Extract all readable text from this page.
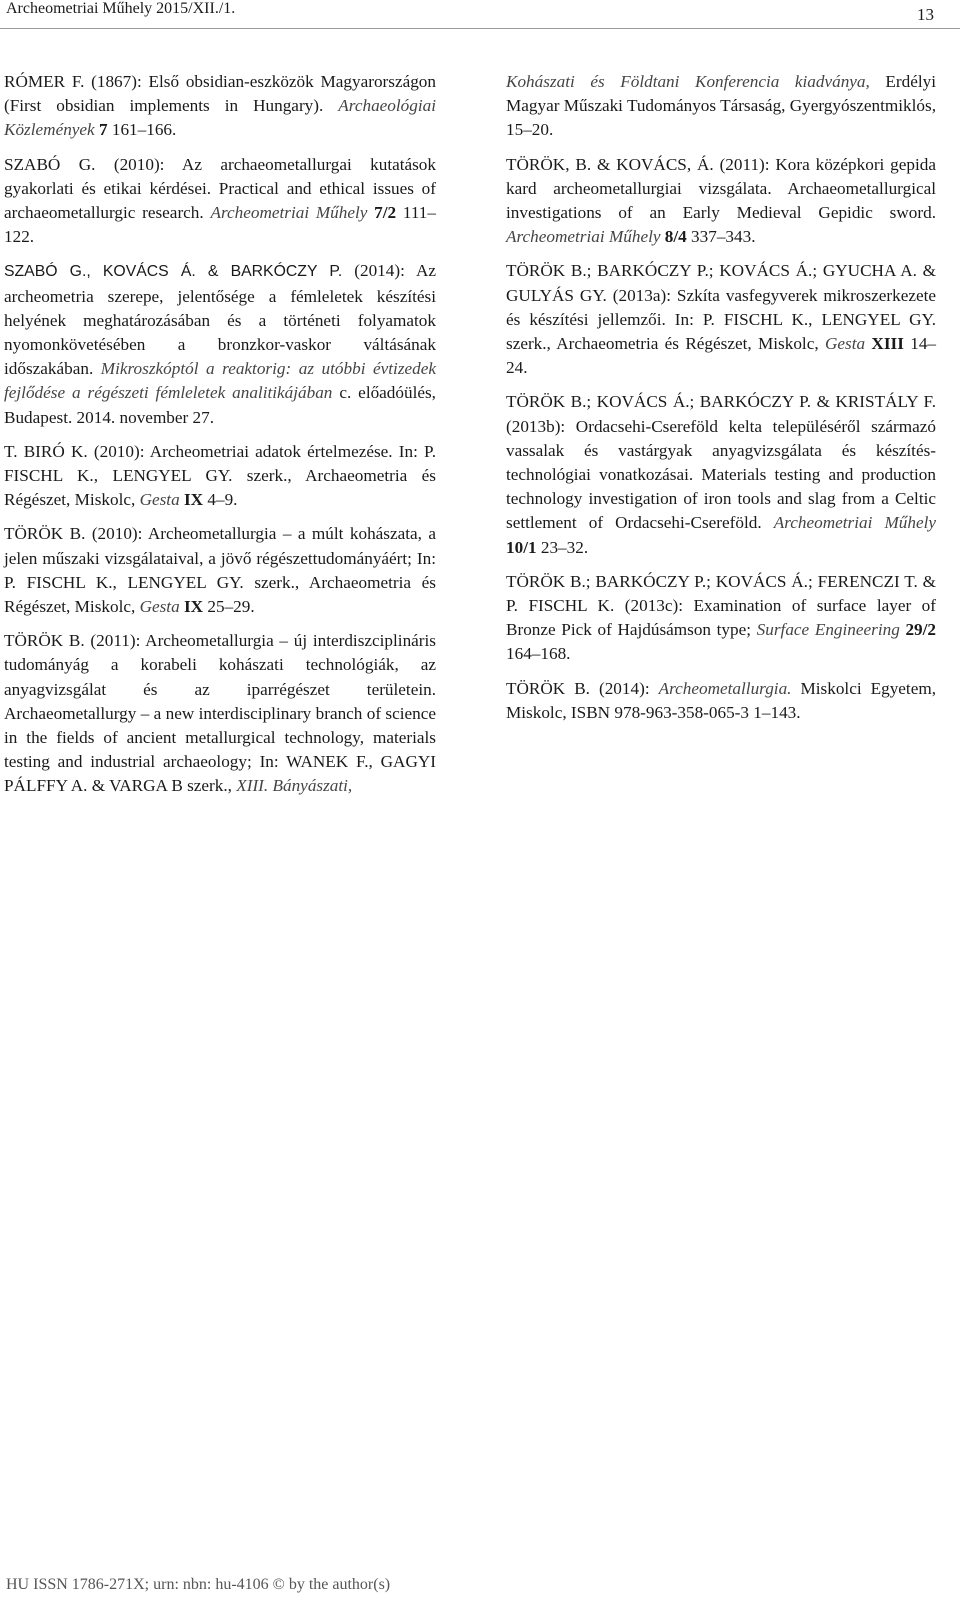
Archeometriai Műhely 2015/XII./1.	13

RÓMER F. (1867): Első obsidian-eszközök Magyarországon (First obsidian implements in Hungary). Archaeológiai Közlemények 7 161–166.

SZABÓ G. (2010): Az archaeometallurgai kutatások gyakorlati és etikai kérdései. Practical and ethical issues of archaeometallurgic research. Archeometriai Műhely 7/2 111–122.

SZABÓ G., KOVÁCS Á. & BARKÓCZY P. (2014): Az archeometria szerepe, jelentősége a fémleletek készítési helyének meghatározásában és a történeti folyamatok nyomonkövetésében a bronzkor-vaskor váltásának időszakában. Mikroszkóptól a reaktorig: az utóbbi évtizedek fejlődése a régészeti fémleletek analitikájában c. előadóülés, Budapest. 2014. november 27.

T. BIRÓ K. (2010): Archeometriai adatok értelmezése. In: P. FISCHL K., LENGYEL GY. szerk., Archaeometria és Régészet, Miskolc, Gesta IX 4–9.

TÖRÖK B. (2010): Archeometallurgia – a múlt kohászata, a jelen műszaki vizsgálataival, a jövő régészettudományáért; In: P. FISCHL K., LENGYEL GY. szerk., Archaeometria és Régészet, Miskolc, Gesta IX 25–29.

TÖRÖK B. (2011): Archeometallurgia – új interdiszciplináris tudományág a korabeli kohászati technológiák, az anyagvizsgálat és az iparrégészet területein. Archaeometallurgy – a new interdisciplinary branch of science in the fields of ancient metallurgical technology, materials testing and industrial archaeology; In: WANEK F., GAGYI PÁLFFY A. & VARGA B szerk., XIII. Bányászati,

Kohászati és Földtani Konferencia kiadványa, Erdélyi Magyar Műszaki Tudományos Társaság, Gyergyószentmiklós, 15–20.

TÖRÖK, B. & KOVÁCS, Á. (2011): Kora középkori gepida kard archeometallurgiai vizsgálata. Archaeometallurgical investigations of an Early Medieval Gepidic sword. Archeometriai Műhely 8/4 337–343.

TÖRÖK B.; BARKÓCZY P.; KOVÁCS Á.; GYUCHA A. & GULYÁS GY. (2013a): Szkíta vasfegyverek mikroszerkezete és készítési jellemzői. In: P. FISCHL K., LENGYEL GY. szerk., Archaeometria és Régészet, Miskolc, Gesta XIII 14–24.

TÖRÖK B.; KOVÁCS Á.; BARKÓCZY P. & KRISTÁLY F. (2013b): Ordacsehi-Csereföld kelta településéről származó vassalak és vastárgyak anyagvizsgálata és készítés-technológiai vonatkozásai. Materials testing and production technology investigation of iron tools and slag from a Celtic settlement of Ordacsehi-Csereföld. Archeometriai Műhely 10/1 23–32.

TÖRÖK B.; BARKÓCZY P.; KOVÁCS Á.; FERENCZI T. & P. FISCHL K. (2013c): Examination of surface layer of Bronze Pick of Hajdúsámson type; Surface Engineering 29/2 164–168.

TÖRÖK B. (2014): Archeometallurgia. Miskolci Egyetem, Miskolc, ISBN 978-963-358-065-3 1–143.

HU ISSN 1786-271X; urn: nbn: hu-4106 © by the author(s)
